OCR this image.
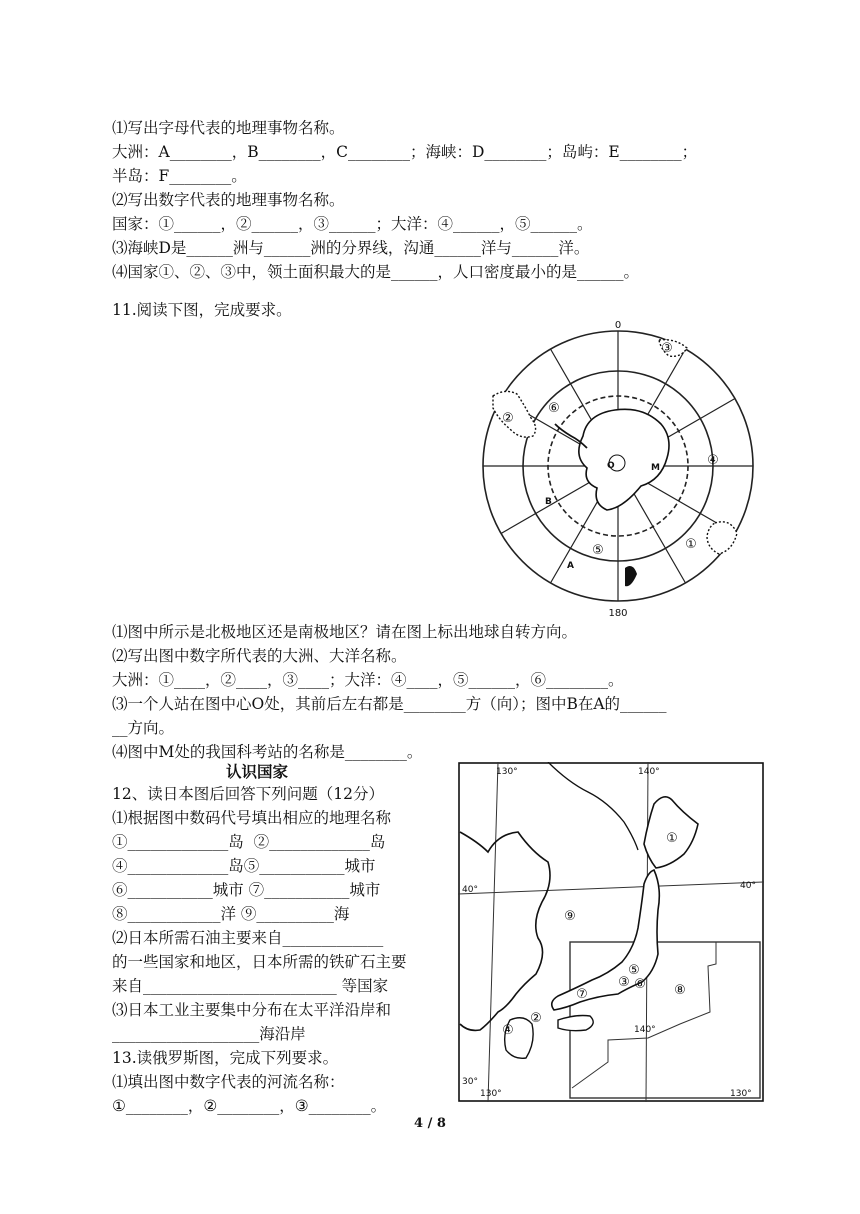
⑴写出字母代表的地理事物名称。
大洲：A________，B________，C________；海峡：D________；岛屿：E________；
半岛：F________。
⑵写出数字代表的地理事物名称。
国家：①______，②______，③______；大洋：④______，⑤______。
⑶海峡D是______洲与______洲的分界线，沟通______洋与______洋。
⑷国家①、②、③中，领土面积最大的是______，人口密度最小的是______。
11.阅读下图，完成要求。
0
180
①
②
③
④
⑤
⑥
O	M
A
B
⑴图中所示是北极地区还是南极地区？请在图上标出地球自转方向。
⑵写出图中数字所代表的大洲、大洋名称。
大洲：①____，②____，③____；大洋：④____，⑤______，⑥________。
⑶一个人站在图中心O处，其前后左右都是________方（向）；图中B在A的______
__方向。
⑷图中M处的我国科考站的名称是________。
认识国家
12、读日本图后回答下列问题（12分）
⑴根据图中数码代号填出相应的地理名称
①_____________岛  ②_____________岛
④_____________岛⑤___________城市
⑥___________城市 ⑦___________城市
⑧____________洋 ⑨__________海
⑵日本所需石油主要来自_____________
的一些国家和地区，日本所需的铁矿石主要
来自_________________________ 等国家
⑶日本工业主要集中分布在太平洋沿岸和
___________________海沿岸
130°	140°
40°	40°
30°
140°
130°	130°
①
②
③
④
⑤
⑥
⑦	⑧
⑨
13.读俄罗斯图，完成下列要求。
⑴填出图中数字代表的河流名称：
①________，②________，③________。
4 / 8
